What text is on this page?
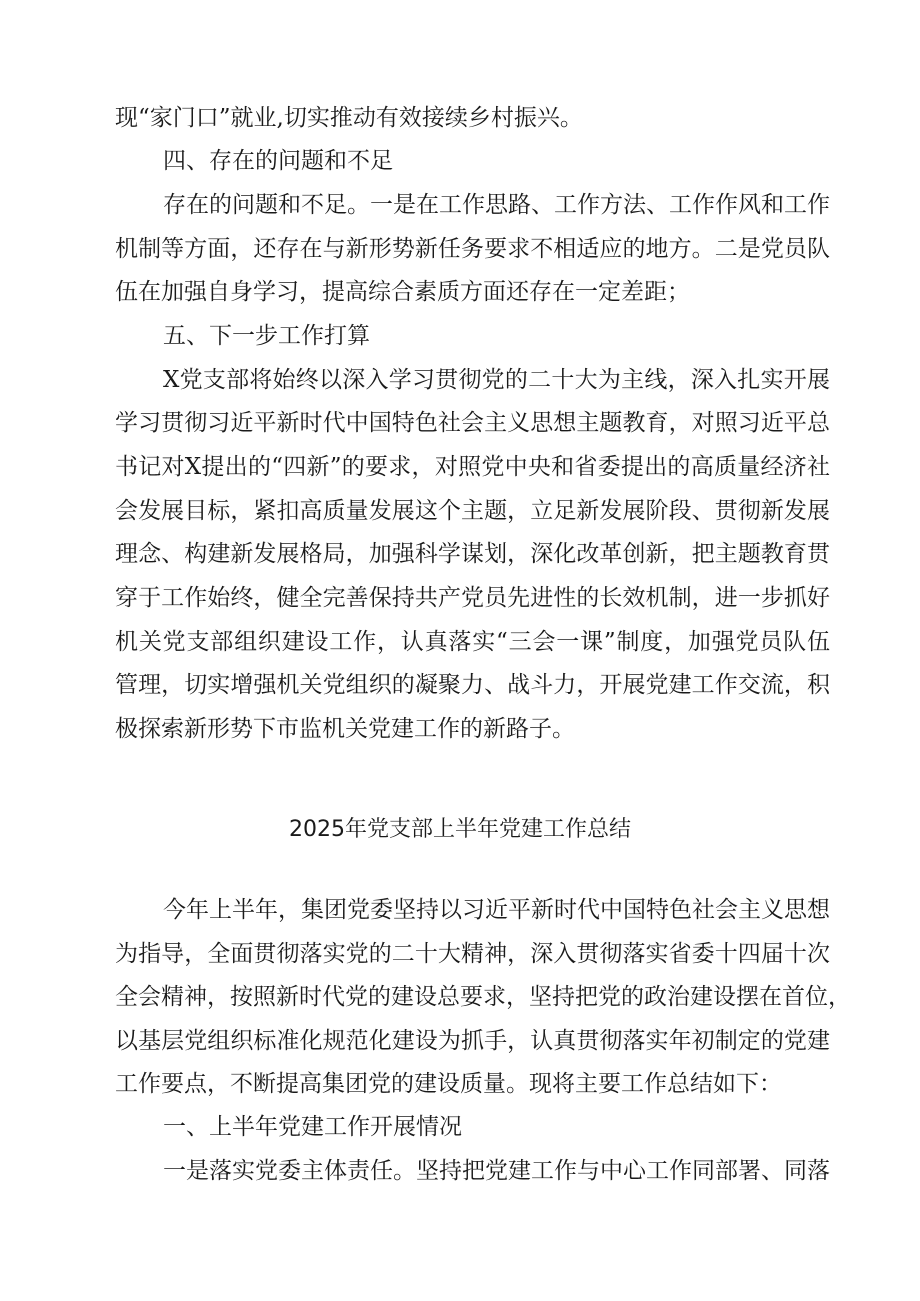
现“家门口”就业,切实推动有效接续乡村振兴。
四、存在的问题和不足
存在的问题和不足。一是在工作思路、工作方法、工作作风和工作
机制等方面，还存在与新形势新任务要求不相适应的地方。二是党员队
伍在加强自身学习，提高综合素质方面还存在一定差距；
五、下一步工作打算
X党支部将始终以深入学习贯彻党的二十大为主线，深入扎实开展
学习贯彻习近平新时代中国特色社会主义思想主题教育，对照习近平总
书记对X提出的“四新”的要求，对照党中央和省委提出的高质量经济社
会发展目标，紧扣高质量发展这个主题，立足新发展阶段、贯彻新发展
理念、构建新发展格局，加强科学谋划，深化改革创新，把主题教育贯
穿于工作始终，健全完善保持共产党员先进性的长效机制，进一步抓好
机关党支部组织建设工作，认真落实“三会一课”制度，加强党员队伍
管理，切实增强机关党组织的凝聚力、战斗力，开展党建工作交流，积
极探索新形势下市监机关党建工作的新路子。
2025年党支部上半年党建工作总结
今年上半年，集团党委坚持以习近平新时代中国特色社会主义思想
为指导，全面贯彻落实党的二十大精神，深入贯彻落实省委十四届十次
全会精神，按照新时代党的建设总要求，坚持把党的政治建设摆在首位，
以基层党组织标准化规范化建设为抓手，认真贯彻落实年初制定的党建
工作要点，不断提高集团党的建设质量。现将主要工作总结如下：
一、上半年党建工作开展情况
一是落实党委主体责任。坚持把党建工作与中心工作同部署、同落
